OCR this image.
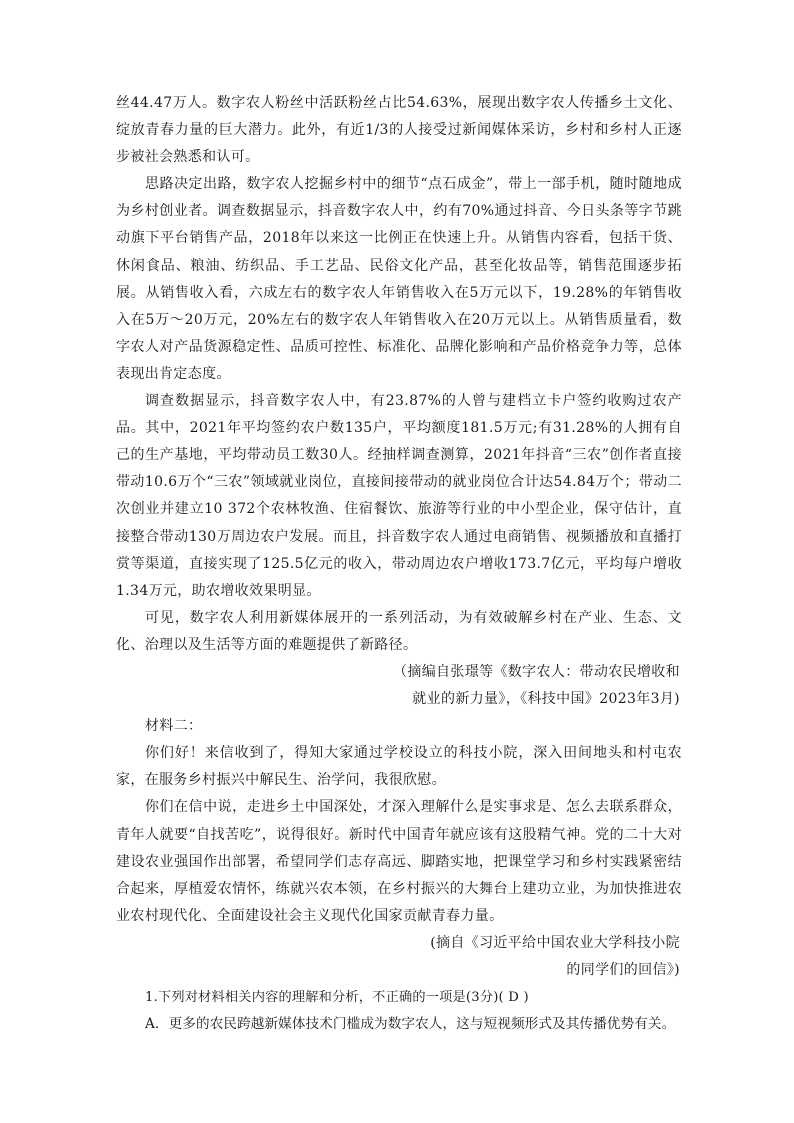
丝44.47万人。数字农人粉丝中活跃粉丝占比54.63%，展现出数字农人传播乡土文化、绽放青春力量的巨大潜力。此外，有近1/3的人接受过新闻媒体采访，乡村和乡村人正逐步被社会熟悉和认可。

思路决定出路，数字农人挖掘乡村中的细节“点石成金”，带上一部手机，随时随地成为乡村创业者。调查数据显示，抖音数字农人中，约有70%通过抖音、今日头条等字节跳动旗下平台销售产品，2018年以来这一比例正在快速上升。从销售内容看，包括干货、休闲食品、粮油、纺织品、手工艺品、民俗文化产品，甚至化妆品等，销售范围逐步拓展。从销售收入看，六成左右的数字农人年销售收入在5万元以下，19.28%的年销售收入在5万～20万元，20%左右的数字农人年销售收入在20万元以上。从销售质量看，数字农人对产品货源稳定性、品质可控性、标准化、品牌化影响和产品价格竞争力等，总体表现出肯定态度。

调查数据显示，抖音数字农人中，有23.87%的人曾与建档立卡户签约收购过农产品。其中，2021年平均签约农户数135户，平均额度181.5万元;有31.28%的人拥有自己的生产基地，平均带动员工数30人。经抽样调查测算，2021年抖音“三农”创作者直接带动10.6万个“三农”领域就业岗位，直接间接带动的就业岗位合计达54.84万个；带动二次创业并建立10 372个农林牧渔、住宿餐饮、旅游等行业的中小型企业，保守估计，直接整合带动130万周边农户发展。而且，抖音数字农人通过电商销售、视频播放和直播打赏等渠道，直接实现了125.5亿元的收入，带动周边农户增收173.7亿元，平均每户增收1.34万元，助农增收效果明显。

可见，数字农人利用新媒体展开的一系列活动，为有效破解乡村在产业、生态、文化、治理以及生活等方面的难题提供了新路径。

（摘编自张璟等《数字农人：带动农民增收和

就业的新力量》，《科技中国》2023年3月)

材料二：

你们好！来信收到了，得知大家通过学校设立的科技小院，深入田间地头和村屯农家，在服务乡村振兴中解民生、治学问，我很欣慰。

你们在信中说，走进乡土中国深处，才深入理解什么是实事求是、怎么去联系群众，青年人就要“自找苦吃”，说得很好。新时代中国青年就应该有这股精气神。党的二十大对建设农业强国作出部署，希望同学们志存高远、脚踏实地，把课堂学习和乡村实践紧密结合起来，厚植爱农情怀，练就兴农本领，在乡村振兴的大舞台上建功立业，为加快推进农业农村现代化、全面建设社会主义现代化国家贡献青春力量。

(摘自《习近平给中国农业大学科技小院

的同学们的回信》)

1.下列对材料相关内容的理解和分析，不正确的一项是(3分)( D )

A．更多的农民跨越新媒体技术门槛成为数字农人，这与短视频形式及其传播优势有关。
